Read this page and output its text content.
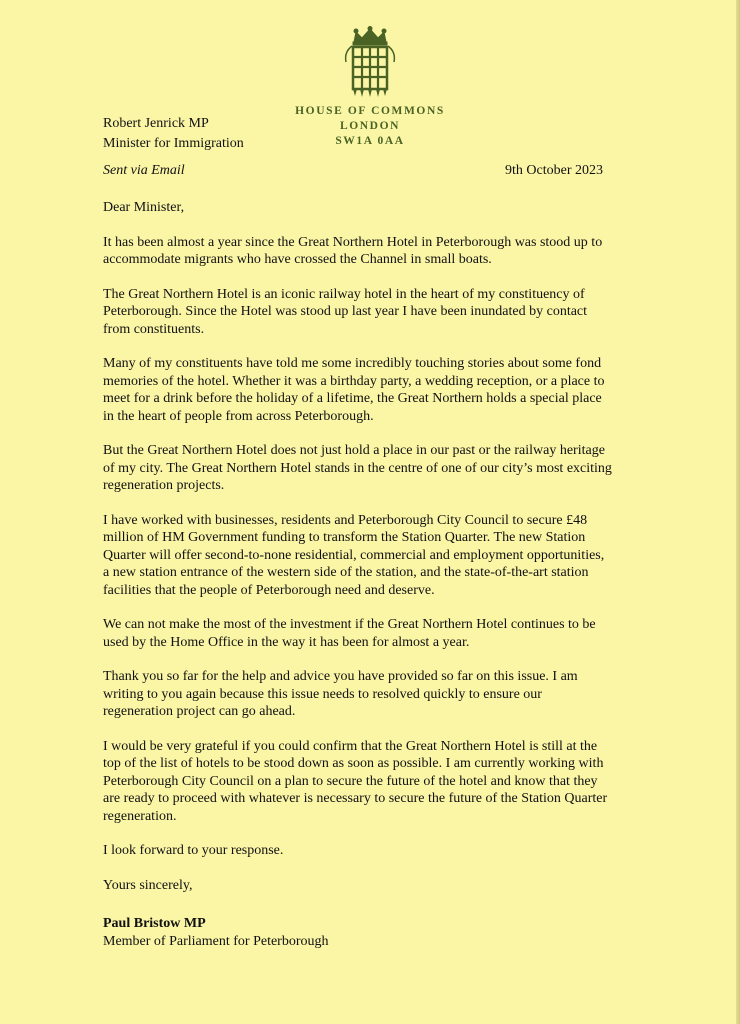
HOUSE OF COMMONS
LONDON
SW1A 0AA
Robert Jenrick MP
Minister for Immigration
Sent via Email	9th October 2023

Dear Minister,

It has been almost a year since the Great Northern Hotel in Peterborough was stood up to accommodate migrants who have crossed the Channel in small boats.

The Great Northern Hotel is an iconic railway hotel in the heart of my constituency of Peterborough. Since the Hotel was stood up last year I have been inundated by contact from constituents.

Many of my constituents have told me some incredibly touching stories about some fond memories of the hotel. Whether it was a birthday party, a wedding reception, or a place to meet for a drink before the holiday of a lifetime, the Great Northern holds a special place in the heart of people from across Peterborough.

But the Great Northern Hotel does not just hold a place in our past or the railway heritage of my city. The Great Northern Hotel stands in the centre of one of our city’s most exciting regeneration projects.

I have worked with businesses, residents and Peterborough City Council to secure £48 million of HM Government funding to transform the Station Quarter. The new Station Quarter will offer second-to-none residential, commercial and employment opportunities, a new station entrance of the western side of the station, and the state-of-the-art station facilities that the people of Peterborough need and deserve.

We can not make the most of the investment if the Great Northern Hotel continues to be used by the Home Office in the way it has been for almost a year.

Thank you so far for the help and advice you have provided so far on this issue. I am writing to you again because this issue needs to resolved quickly to ensure our regeneration project can go ahead.

I would be very grateful if you could confirm that the Great Northern Hotel is still at the top of the list of hotels to be stood down as soon as possible. I am currently working with Peterborough City Council on a plan to secure the future of the hotel and know that they are ready to proceed with whatever is necessary to secure the future of the Station Quarter regeneration.

I look forward to your response.

Yours sincerely,

Paul Bristow MP

Member of Parliament for Peterborough
